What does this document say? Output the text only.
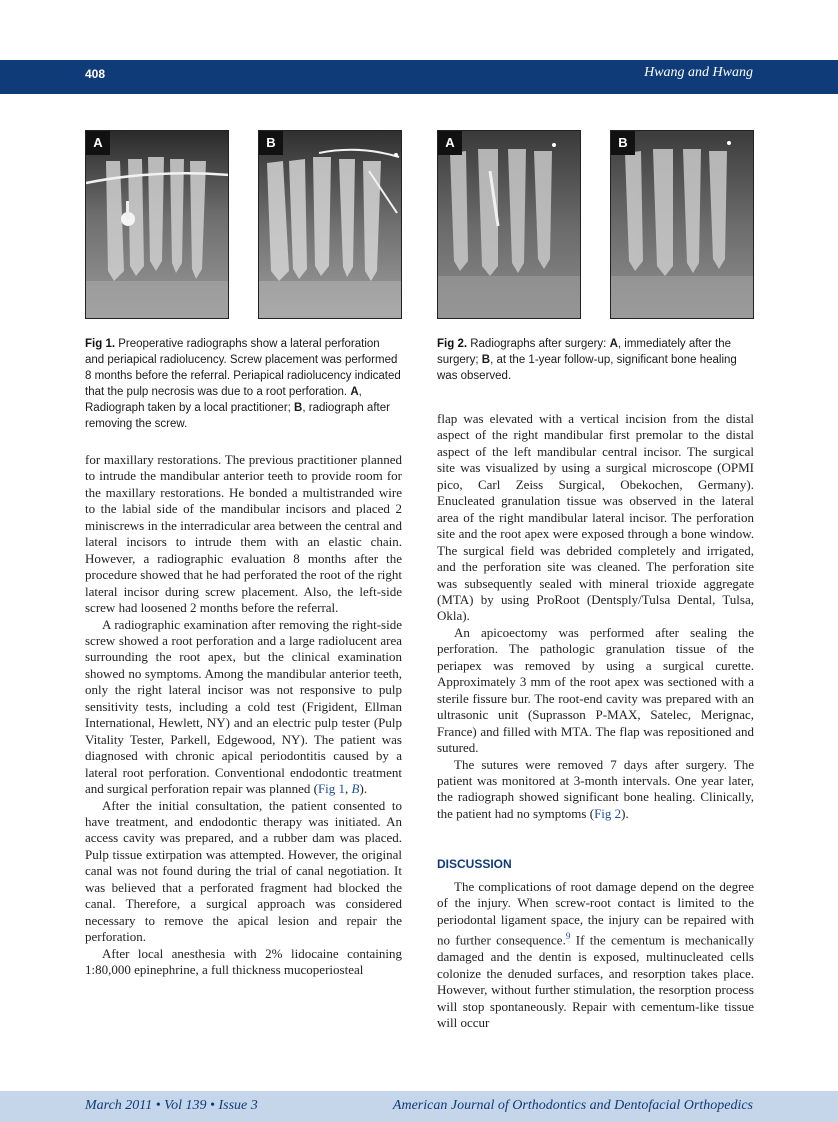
408	Hwang and Hwang
A	B	A	B
Fig 1. Preoperative radiographs show a lateral perforation and periapical radiolucency. Screw placement was performed 8 months before the referral. Periapical radiolucency indicated that the pulp necrosis was due to a root perforation. A, Radiograph taken by a local practitioner; B, radiograph after removing the screw.
Fig 2. Radiographs after surgery: A, immediately after the surgery; B, at the 1-year follow-up, significant bone healing was observed.

for maxillary restorations. The previous practitioner planned to intrude the mandibular anterior teeth to provide room for the maxillary restorations. He bonded a multistranded wire to the labial side of the mandibular incisors and placed 2 miniscrews in the interradicular area between the central and lateral incisors to intrude them with an elastic chain. However, a radiographic evaluation 8 months after the procedure showed that he had perforated the root of the right lateral incisor during screw placement. Also, the left-side screw had loosened 2 months before the referral.

A radiographic examination after removing the right-side screw showed a root perforation and a large radiolucent area surrounding the root apex, but the clinical examination showed no symptoms. Among the mandibular anterior teeth, only the right lateral incisor was not responsive to pulp sensitivity tests, including a cold test (Frigident, Ellman International, Hewlett, NY) and an electric pulp tester (Pulp Vitality Tester, Parkell, Edgewood, NY). The patient was diagnosed with chronic apical periodontitis caused by a lateral root perforation. Conventional endodontic treatment and surgical perforation repair was planned (Fig 1, B).

After the initial consultation, the patient consented to have treatment, and endodontic therapy was initiated. An access cavity was prepared, and a rubber dam was placed. Pulp tissue extirpation was attempted. However, the original canal was not found during the trial of canal negotiation. It was believed that a perforated fragment had blocked the canal. Therefore, a surgical approach was considered necessary to remove the apical lesion and repair the perforation.

After local anesthesia with 2% lidocaine containing 1:80,000 epinephrine, a full thickness mucoperiosteal

flap was elevated with a vertical incision from the distal aspect of the right mandibular first premolar to the distal aspect of the left mandibular central incisor. The surgical site was visualized by using a surgical microscope (OPMI pico, Carl Zeiss Surgical, Obekochen, Germany). Enucleated granulation tissue was observed in the lateral area of the right mandibular lateral incisor. The perforation site and the root apex were exposed through a bone window. The surgical field was debrided completely and irrigated, and the perforation site was cleaned. The perforation site was subsequently sealed with mineral trioxide aggregate (MTA) by using ProRoot (Dentsply/Tulsa Dental, Tulsa, Okla).

An apicoectomy was performed after sealing the perforation. The pathologic granulation tissue of the periapex was removed by using a surgical curette. Approximately 3 mm of the root apex was sectioned with a sterile fissure bur. The root-end cavity was prepared with an ultrasonic unit (Suprasson P-MAX, Satelec, Merignac, France) and filled with MTA. The flap was repositioned and sutured.

The sutures were removed 7 days after surgery. The patient was monitored at 3-month intervals. One year later, the radiograph showed significant bone healing. Clinically, the patient had no symptoms (Fig 2).

DISCUSSION

The complications of root damage depend on the degree of the injury. When screw-root contact is limited to the periodontal ligament space, the injury can be repaired with no further consequence.$^9$ If the cementum is mechanically damaged and the dentin is exposed, multinucleated cells colonize the denuded surfaces, and resorption takes place. However, without further stimulation, the resorption process will stop spontaneously. Repair with cementum-like tissue will occur

March 2011 • Vol 139 • Issue 3	American Journal of Orthodontics and Dentofacial Orthopedics
